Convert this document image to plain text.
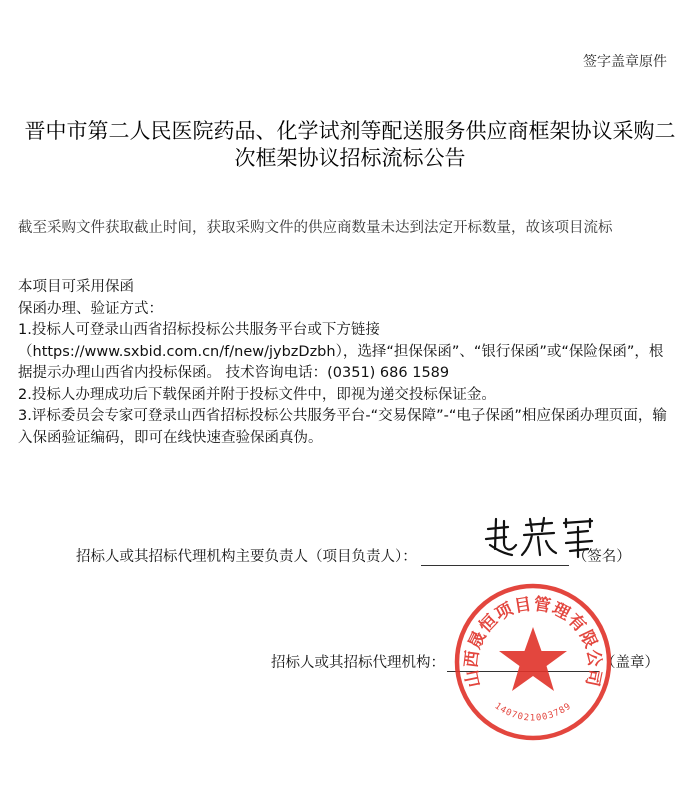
签字盖章原件
晋中市第二人民医院药品、化学试剂等配送服务供应商框架协议采购二次框架协议招标流标公告
截至采购文件获取截止时间，获取采购文件的供应商数量未达到法定开标数量，故该项目流标

本项目可采用保函

保函办理、验证方式：

1.投标人可登录山西省招标投标公共服务平台或下方链接（https://www.sxbid.com.cn/f/new/jybzDzbh），选择“担保保函”、“银行保函”或“保险保函”，根据提示办理山西省内投标保函。 技术咨询电话：(0351) 686 1589

2.投标人办理成功后下载保函并附于投标文件中，即视为递交投标保证金。

3.评标委员会专家可登录山西省招标投标公共服务平台-“交易保障”-“电子保函”相应保函办理页面，输入保函验证编码，即可在线快速查验保函真伪。

招标人或其招标代理机构主要负责人（项目负责人）：	（签名）
招标人或其招标代理机构：	（盖章）
山西晟恒项目管理有限公司
1407021003789
